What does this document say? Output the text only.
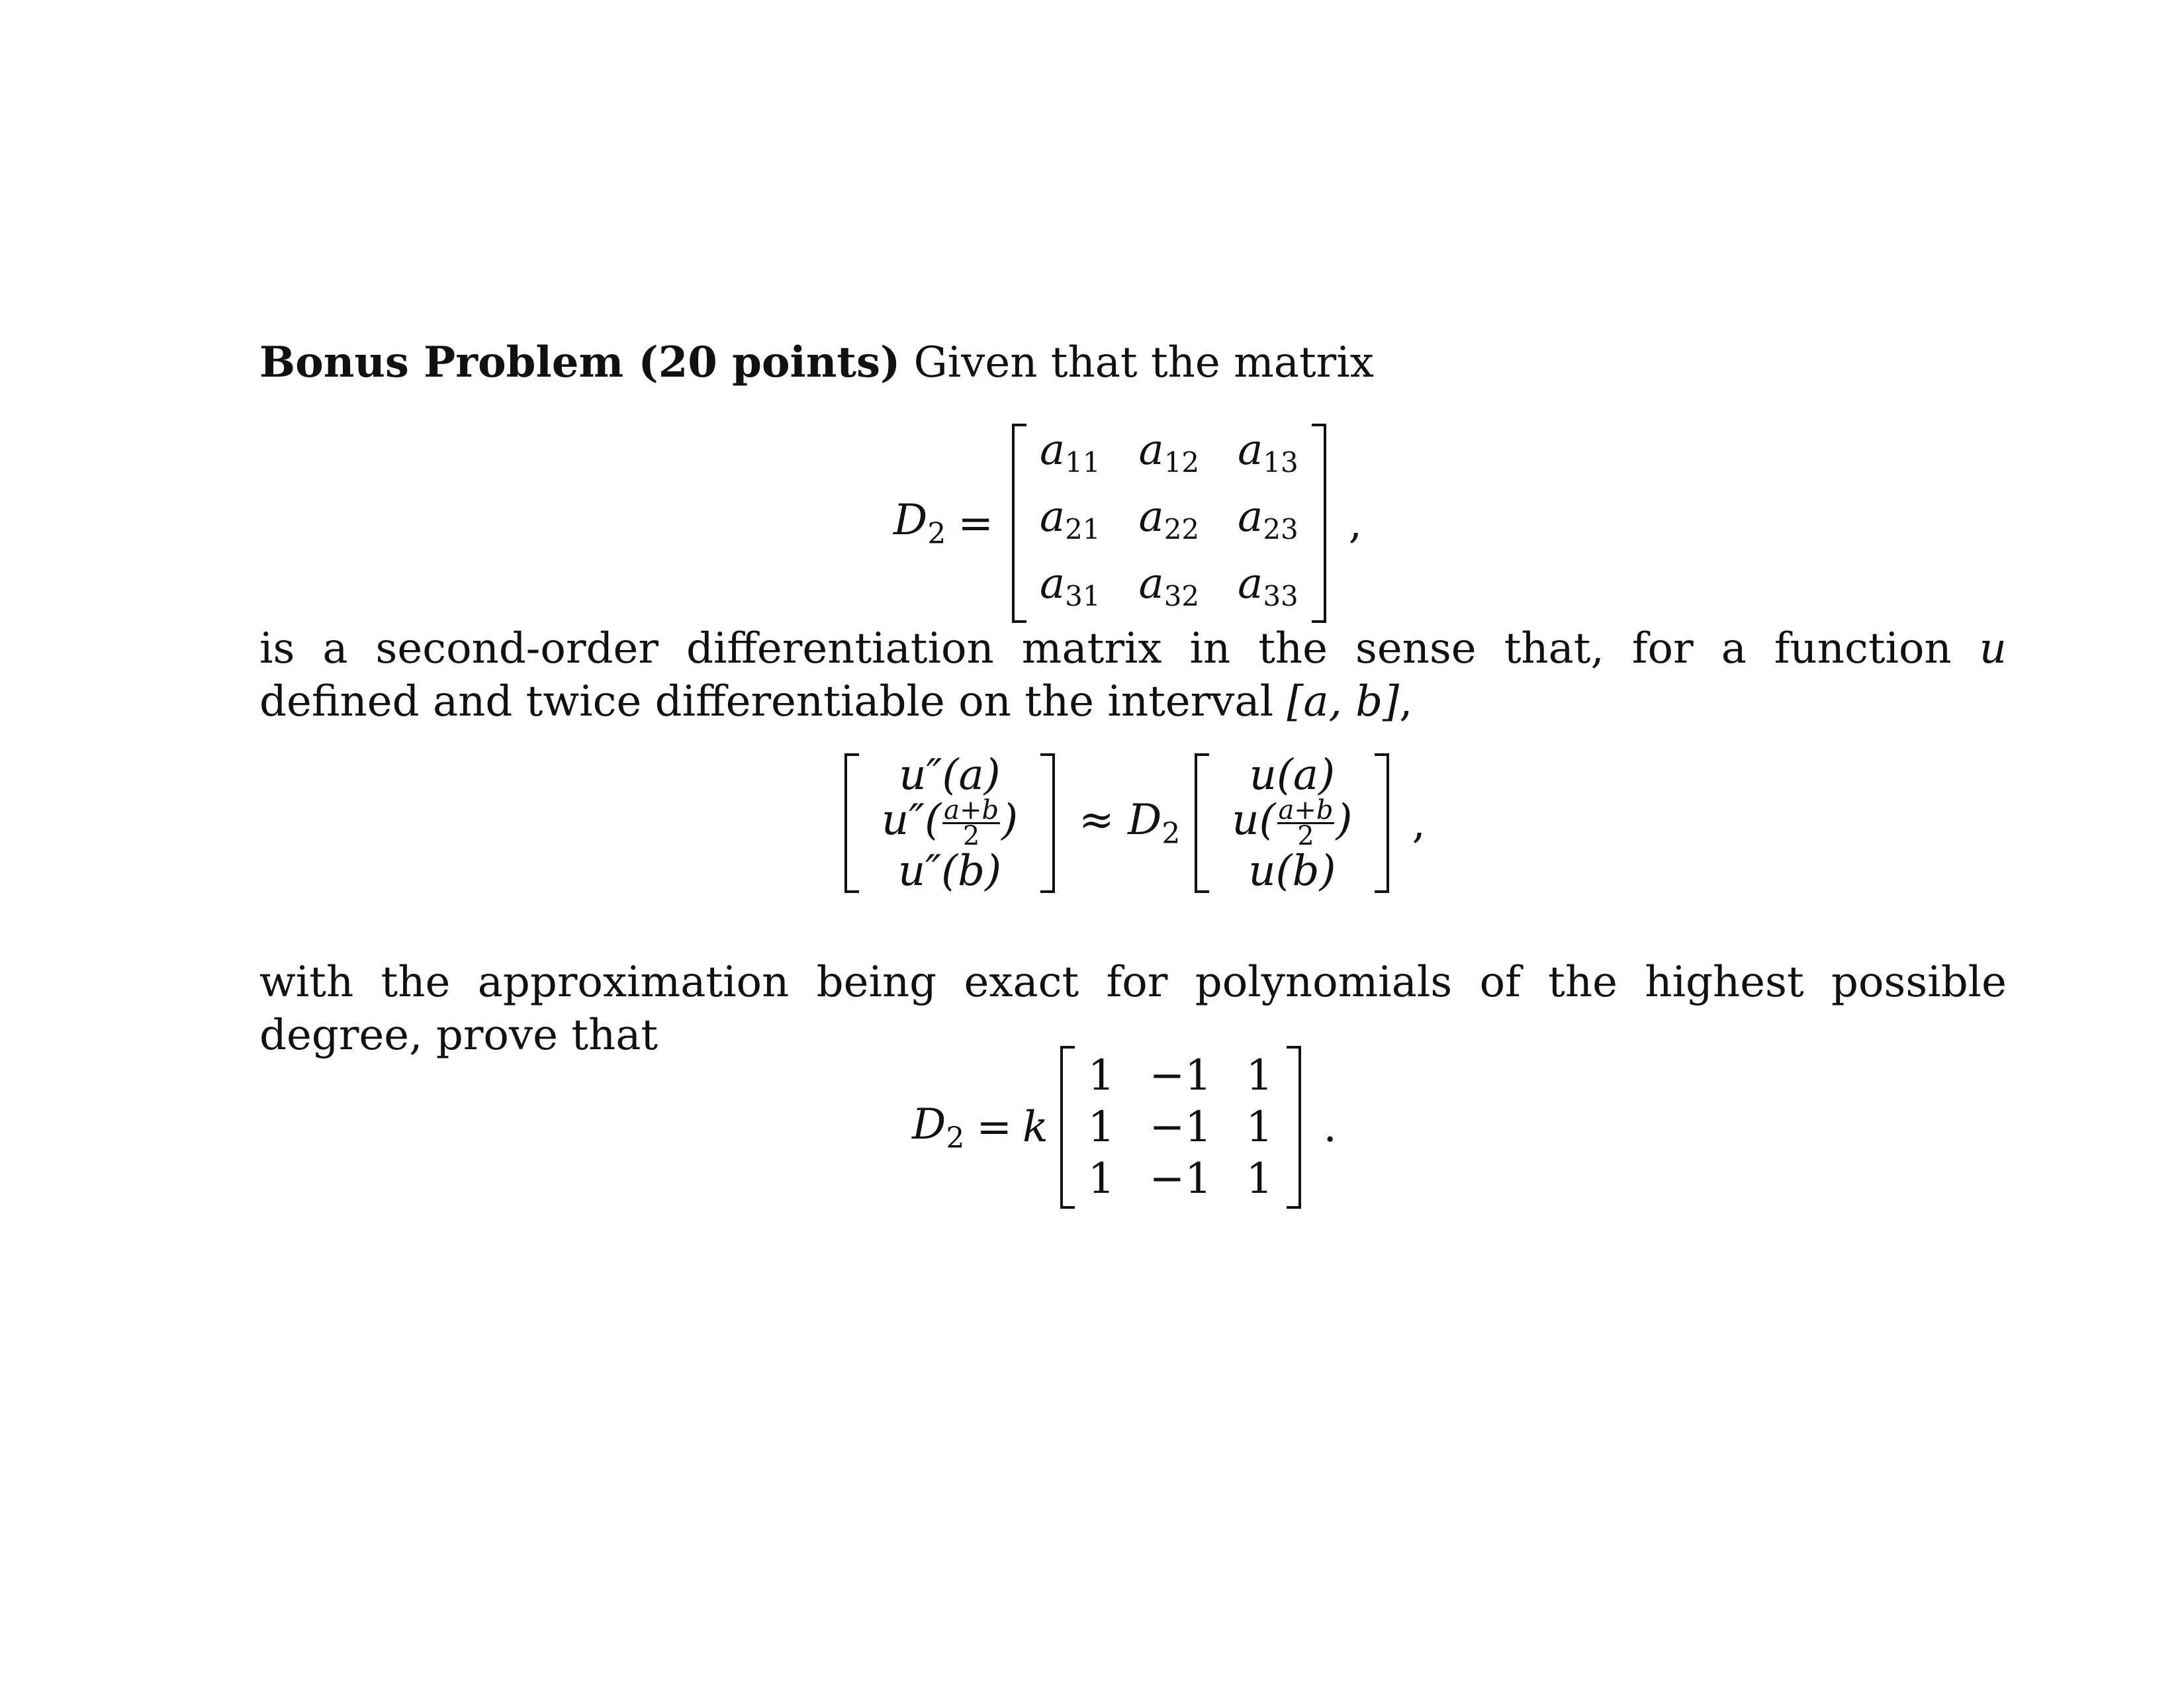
Bonus Problem (20 points) Given that the matrix
$D_2$ =
a11 a12 a13
a21 a22 a23
a31 a32 a33
,
is a second-order differentiation matrix in the sense that, for a function u defined and twice differentiable on the interval [a, b],
u″(a)
$u''( \frac{a+b}{2}$ )
u″(b)
≈ $D_2$
u(a)
$u( \frac{a+b}{2}$ )
u(b)
,
with the approximation being exact for polynomials of the highest possible degree, prove that
$D_2 = k$
1 −1 1
1 −1 1
1 −1 1
.
